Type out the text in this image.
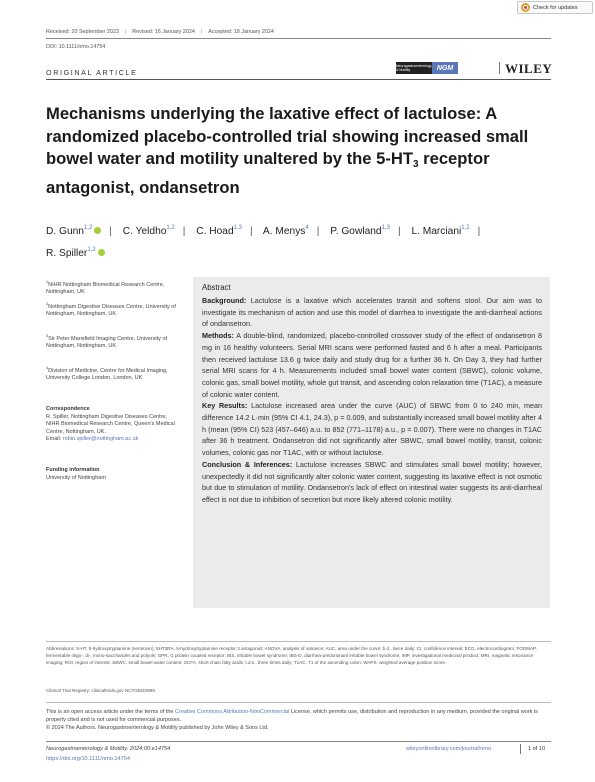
Check for updates
Received: 20 September 2023 | Revised: 16 January 2024 | Accepted: 18 January 2024
DOI: 10.1111/nmo.14754
ORIGINAL ARTICLE
Neurogastroenterology & Motility	NGM	WILEY
Mechanisms underlying the laxative effect of lactulose: A randomized placebo-controlled trial showing increased small bowel water and motility unaltered by the $5-HT_3$ receptor antagonist, ondansetron
D. Gunn$^{1,2}$ | C. Yeldho$^{1,2}$ | C. Hoad$^{1,3}$ | A. Menys$^4$ | P. Gowland$^{1,3}$ | L. Marciani$^{1,2}$ |
R. Spiller$^{1,2}$
$^1$NIHR Nottingham Biomedical Research Centre, Nottingham, UK
$^2$Nottingham Digestive Diseases Centre, University of Nottingham, Nottingham, UK
$^3$Sir Peter Mansfield Imaging Centre, University of Nottingham, Nottingham, UK
$^4$Division of Medicine, Centre for Medical Imaging, University College London, London, UK
Correspondence
R. Spiller, Nottingham Digestive Diseases Centre, NIHR Biomedical Research Centre, Queen's Medical Centre, Nottingham, UK.
Email: robin.spiller@nottingham.ac.uk
Funding information
University of Nottingham
Abstract

Background: Lactulose is a laxative which accelerates transit and softens stool. Our aim was to investigate its mechanism of action and use this model of diarrhea to investigate the anti-diarrheal actions of ondansetron.

Methods: A double-blind, randomized, placebo-controlled crossover study of the effect of ondansetron 8 mg in 16 healthy volunteers. Serial MRI scans were performed fasted and 6 h after a meal. Participants then received lactulose 13.6 g twice daily and study drug for a further 36 h. On Day 3, they had further serial MRI scans for 4 h. Measurements included small bowel water content (SBWC), colonic volume, colonic gas, small bowel motility, whole gut transit, and ascending colon relaxation time (T1AC), a measure of colonic water content.

Key Results: Lactulose increased area under the curve (AUC) of SBWC from 0 to 240 min, mean difference 14.2 L·min (95% CI 4.1, 24.3), p = 0.009, and substantially increased small bowel motility after 4 h (mean (95% CI) 523 (457–646) a.u. to 852 (771–1178) a.u., p = 0.007). There were no changes in T1AC after 36 h treatment. Ondansetron did not significantly alter SBWC, small bowel motility, transit, colonic volumes, colonic gas nor T1AC, with or without lactulose.

Conclusion & Inferences: Lactulose increases SBWC and stimulates small bowel motility; however, unexpectedly it did not significantly alter colonic water content, suggesting its laxative effect is not osmotic but due to stimulation of motility. Ondansetron's lack of effect on intestinal water suggests its anti-diarrheal effect is not due to inhibition of secretion but more likely altered colonic motility.

Abbreviations: 5-HT, 5-hydroxytryptamine (serotonin); 5HT3RA, 5-hydroxytryptamine receptor 3 antagonist; ANOVA, analysis of variance; AUC, area under the curve; b.d., twice daily; CI, confidence interval; ECG, electrocardiogram; FODMAP, fermentable oligo-, di-, mono-saccharides and polyols; GPR, G protein coupled receptor; IBS, irritable bowel syndrome; IBS-D, diarrhea-predominant irritable bowel syndrome; IMP, investigational medicinal product; MRI, magnetic resonance imaging; ROI, region of interest; SBWC, small bowel water content; SCFA, short chain fatty acids; t.d.s., three times daily; T1AC, T1 of the ascending colon; WAPS, weighted average position score.
Clinical Trial Registry: clinicaltrials.gov NCT03833999.
This is an open access article under the terms of the Creative Commons Attribution-NonCommercial License, which permits use, distribution and reproduction in any medium, provided the original work is properly cited and is not used for commercial purposes.
© 2024 The Authors. Neurogastroenterology & Motility published by John Wiley & Sons Ltd.
Neurogastroenterology & Motility. 2024;00:e14754.
https://doi.org/10.1111/nmo.14754
wileyonlinelibrary.com/journal/nmo	1 of 10
